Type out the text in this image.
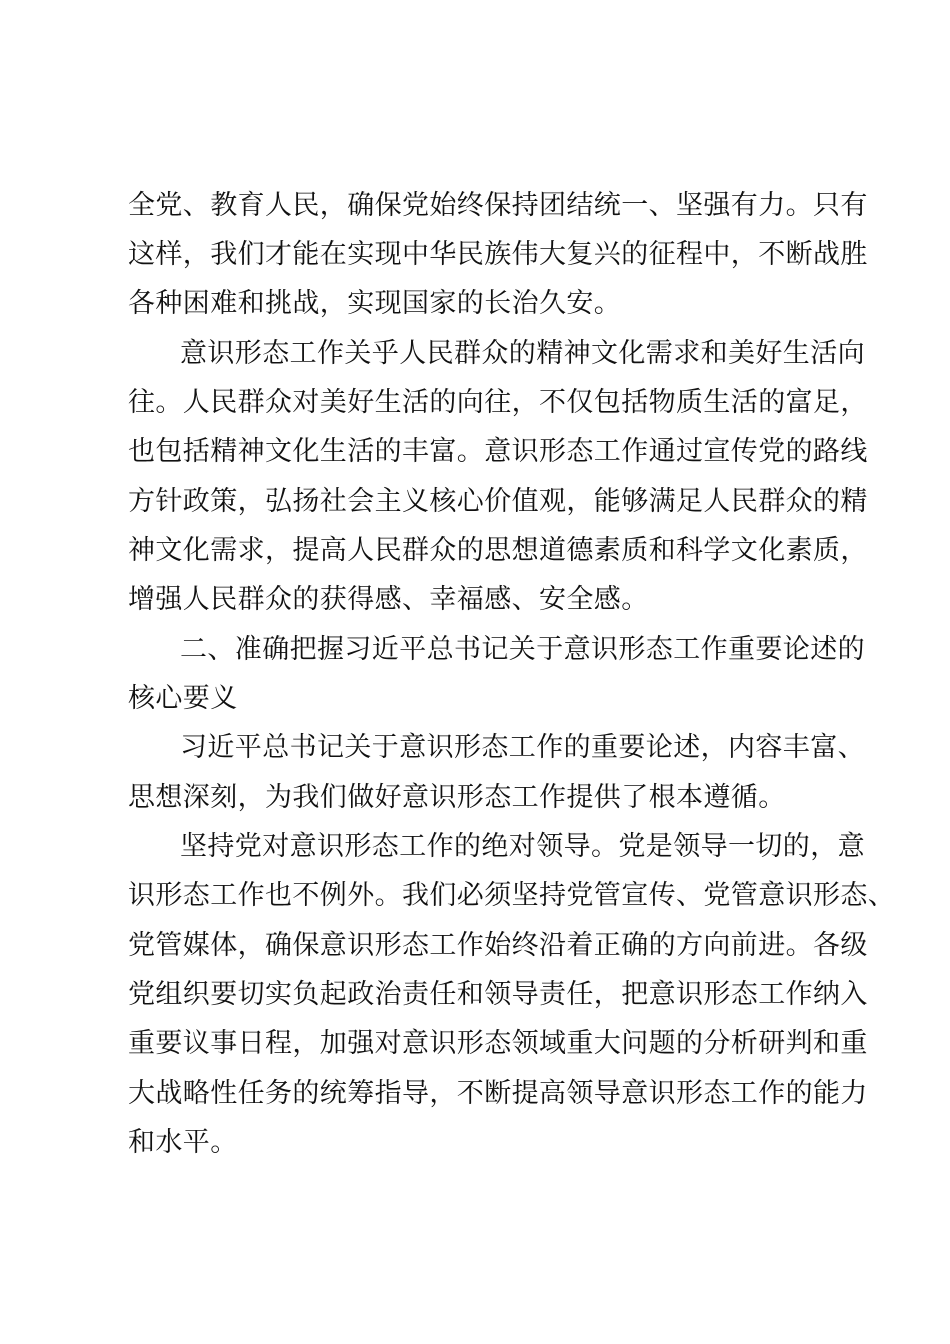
全党、教育人民，确保党始终保持团结统一、坚强有力。只有

这样，我们才能在实现中华民族伟大复兴的征程中，不断战胜

各种困难和挑战，实现国家的长治久安。

意识形态工作关乎人民群众的精神文化需求和美好生活向

往。人民群众对美好生活的向往，不仅包括物质生活的富足，

也包括精神文化生活的丰富。意识形态工作通过宣传党的路线

方针政策，弘扬社会主义核心价值观，能够满足人民群众的精

神文化需求，提高人民群众的思想道德素质和科学文化素质，

增强人民群众的获得感、幸福感、安全感。

二、准确把握习近平总书记关于意识形态工作重要论述的

核心要义

习近平总书记关于意识形态工作的重要论述，内容丰富、

思想深刻，为我们做好意识形态工作提供了根本遵循。

坚持党对意识形态工作的绝对领导。党是领导一切的，意

识形态工作也不例外。我们必须坚持党管宣传、党管意识形态、

党管媒体，确保意识形态工作始终沿着正确的方向前进。各级

党组织要切实负起政治责任和领导责任，把意识形态工作纳入

重要议事日程，加强对意识形态领域重大问题的分析研判和重

大战略性任务的统筹指导，不断提高领导意识形态工作的能力

和水平。
